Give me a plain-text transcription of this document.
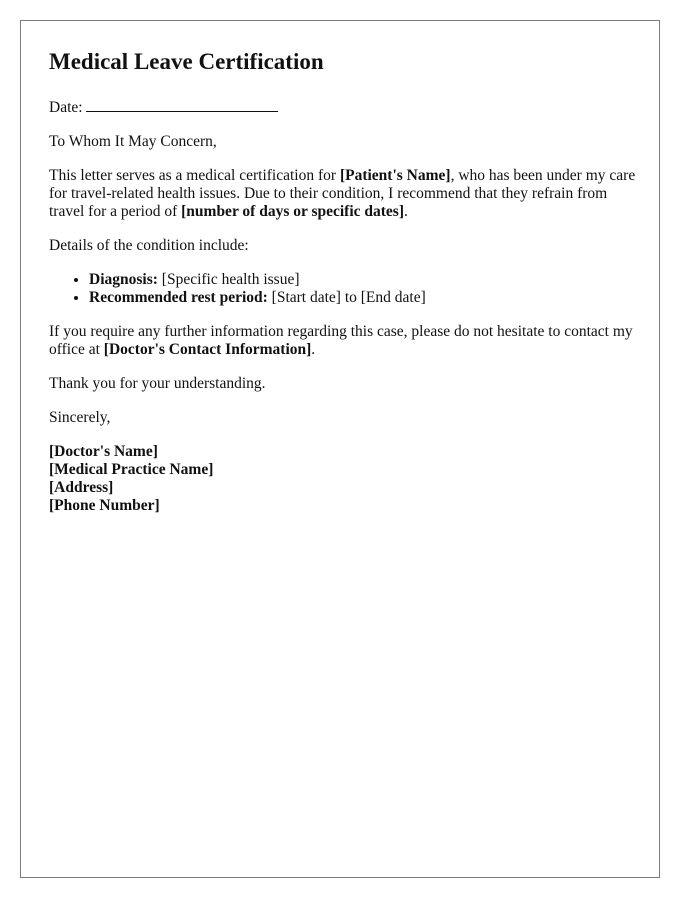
Medical Leave Certification

Date:

To Whom It May Concern,

This letter serves as a medical certification for [Patient's Name], who has been under my care for travel-related health issues. Due to their condition, I recommend that they refrain from travel for a period of [number of days or specific dates].

Details of the condition include:

• Diagnosis: [Specific health issue]
• Recommended rest period: [Start date] to [End date]

If you require any further information regarding this case, please do not hesitate to contact my office at [Doctor's Contact Information].

Thank you for your understanding.

Sincerely,

[Doctor's Name]

[Medical Practice Name]

[Address]

[Phone Number]
